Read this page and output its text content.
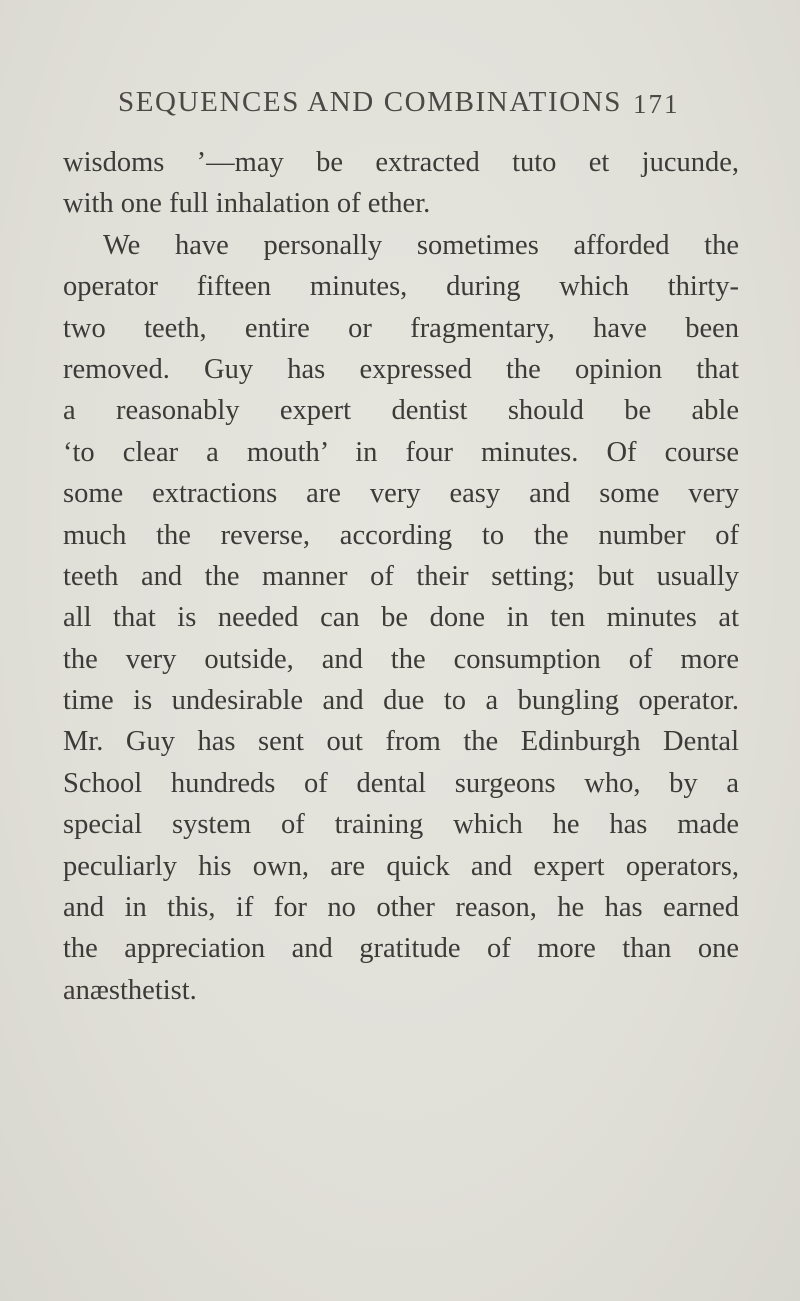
SEQUENCES AND COMBINATIONS 171
wisdoms ’—may be extracted tuto et jucunde,
with one full inhalation of ether.
We have personally sometimes afforded the
operator fifteen minutes, during which thirty-
two teeth, entire or fragmentary, have been
removed. Guy has expressed the opinion that
a reasonably expert dentist should be able
‘to clear a mouth’ in four minutes. Of course
some extractions are very easy and some very
much the reverse, according to the number of
teeth and the manner of their setting; but usually
all that is needed can be done in ten minutes at
the very outside, and the consumption of more
time is undesirable and due to a bungling operator.
Mr. Guy has sent out from the Edinburgh Dental
School hundreds of dental surgeons who, by a
special system of training which he has made
peculiarly his own, are quick and expert operators,
and in this, if for no other reason, he has earned
the appreciation and gratitude of more than one
anæsthetist.
